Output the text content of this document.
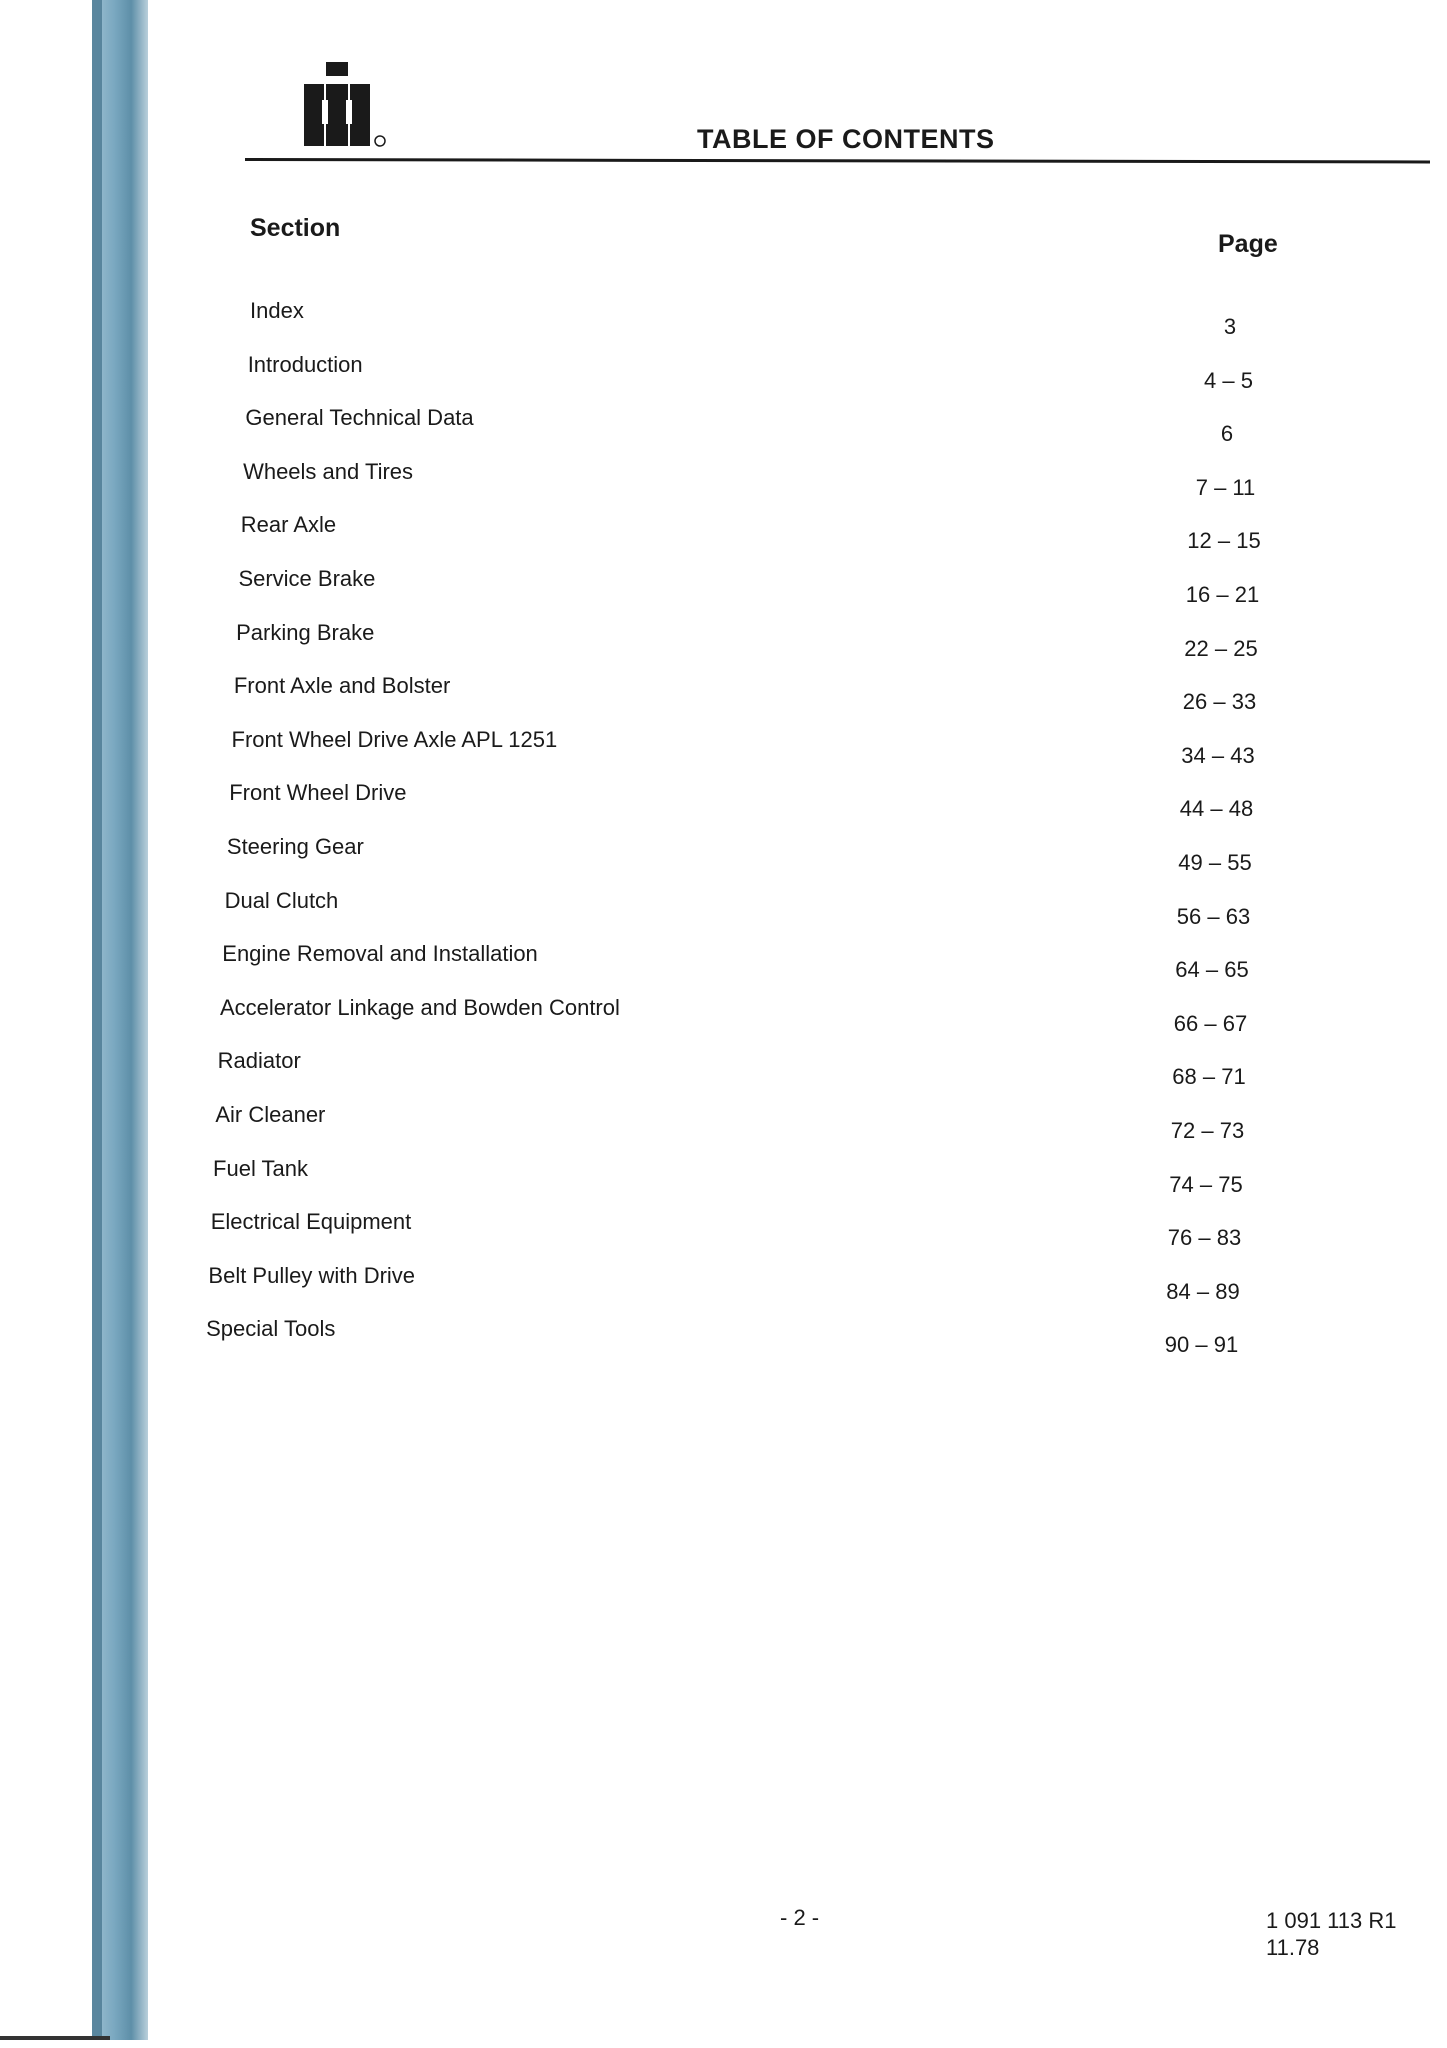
TABLE OF CONTENTS
Section
Page
Index
3
Introduction
4 – 5
General Technical Data
6
Wheels and Tires
7 – 11
Rear Axle
12 – 15
Service Brake
16 – 21
Parking Brake
22 – 25
Front Axle and Bolster
26 – 33
Front Wheel Drive Axle APL 1251
34 – 43
Front Wheel Drive
44 – 48
Steering Gear
49 – 55
Dual Clutch
56 – 63
Engine Removal and Installation
64 – 65
Accelerator Linkage and Bowden Control
66 – 67
Radiator
68 – 71
Air Cleaner
72 – 73
Fuel Tank
74 – 75
Electrical Equipment
76 – 83
Belt Pulley with Drive
84 – 89
Special Tools
90 – 91
- 2 -	1 091 113 R1
11.78
